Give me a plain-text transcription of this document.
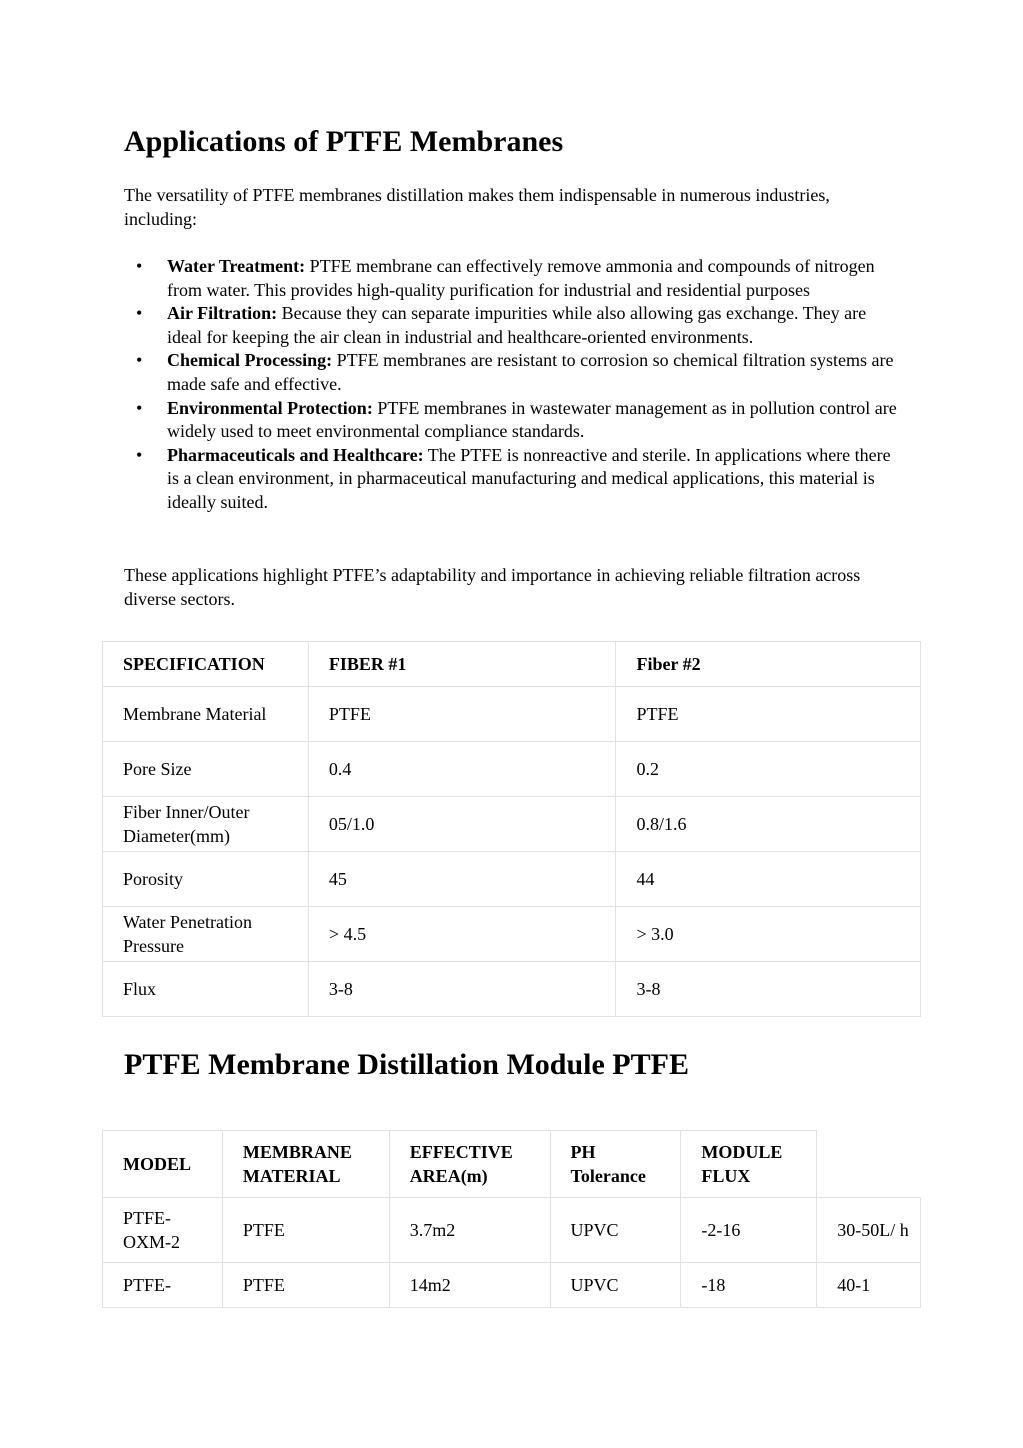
Applications of PTFE Membranes

The versatility of PTFE membranes distillation makes them indispensable in numerous industries, including:

• Water Treatment: PTFE membrane can effectively remove ammonia and compounds of nitrogen from water. This provides high-quality purification for industrial and residential purposes
• Air Filtration: Because they can separate impurities while also allowing gas exchange. They are ideal for keeping the air clean in industrial and healthcare-oriented environments.
• Chemical Processing: PTFE membranes are resistant to corrosion so chemical filtration systems are made safe and effective.
• Environmental Protection: PTFE membranes in wastewater management as in pollution control are widely used to meet environmental compliance standards.
• Pharmaceuticals and Healthcare: The PTFE is nonreactive and sterile. In applications where there is a clean environment, in pharmaceutical manufacturing and medical applications, this material is ideally suited.

These applications highlight PTFE’s adaptability and importance in achieving reliable filtration across diverse sectors.

SPECIFICATION	FIBER #1	Fiber #2
Membrane Material	PTFE	PTFE
Pore Size	0.4	0.2
Fiber Inner/Outer Diameter(mm)	05/1.0	0.8/1.6
Porosity	45	44
Water Penetration Pressure	> 4.5	> 3.0
Flux	3-8	3-8
PTFE Membrane Distillation Module PTFE
MODEL	MEMBRANE MATERIAL	EFFECTIVE AREA(m)	PH Tolerance	MODULE FLUX	
PTFE-OXM-2	PTFE	3.7m2	UPVC	-2-16	30-50L/ h
PTFE-	PTFE	14m2	UPVC	-18	40-1
